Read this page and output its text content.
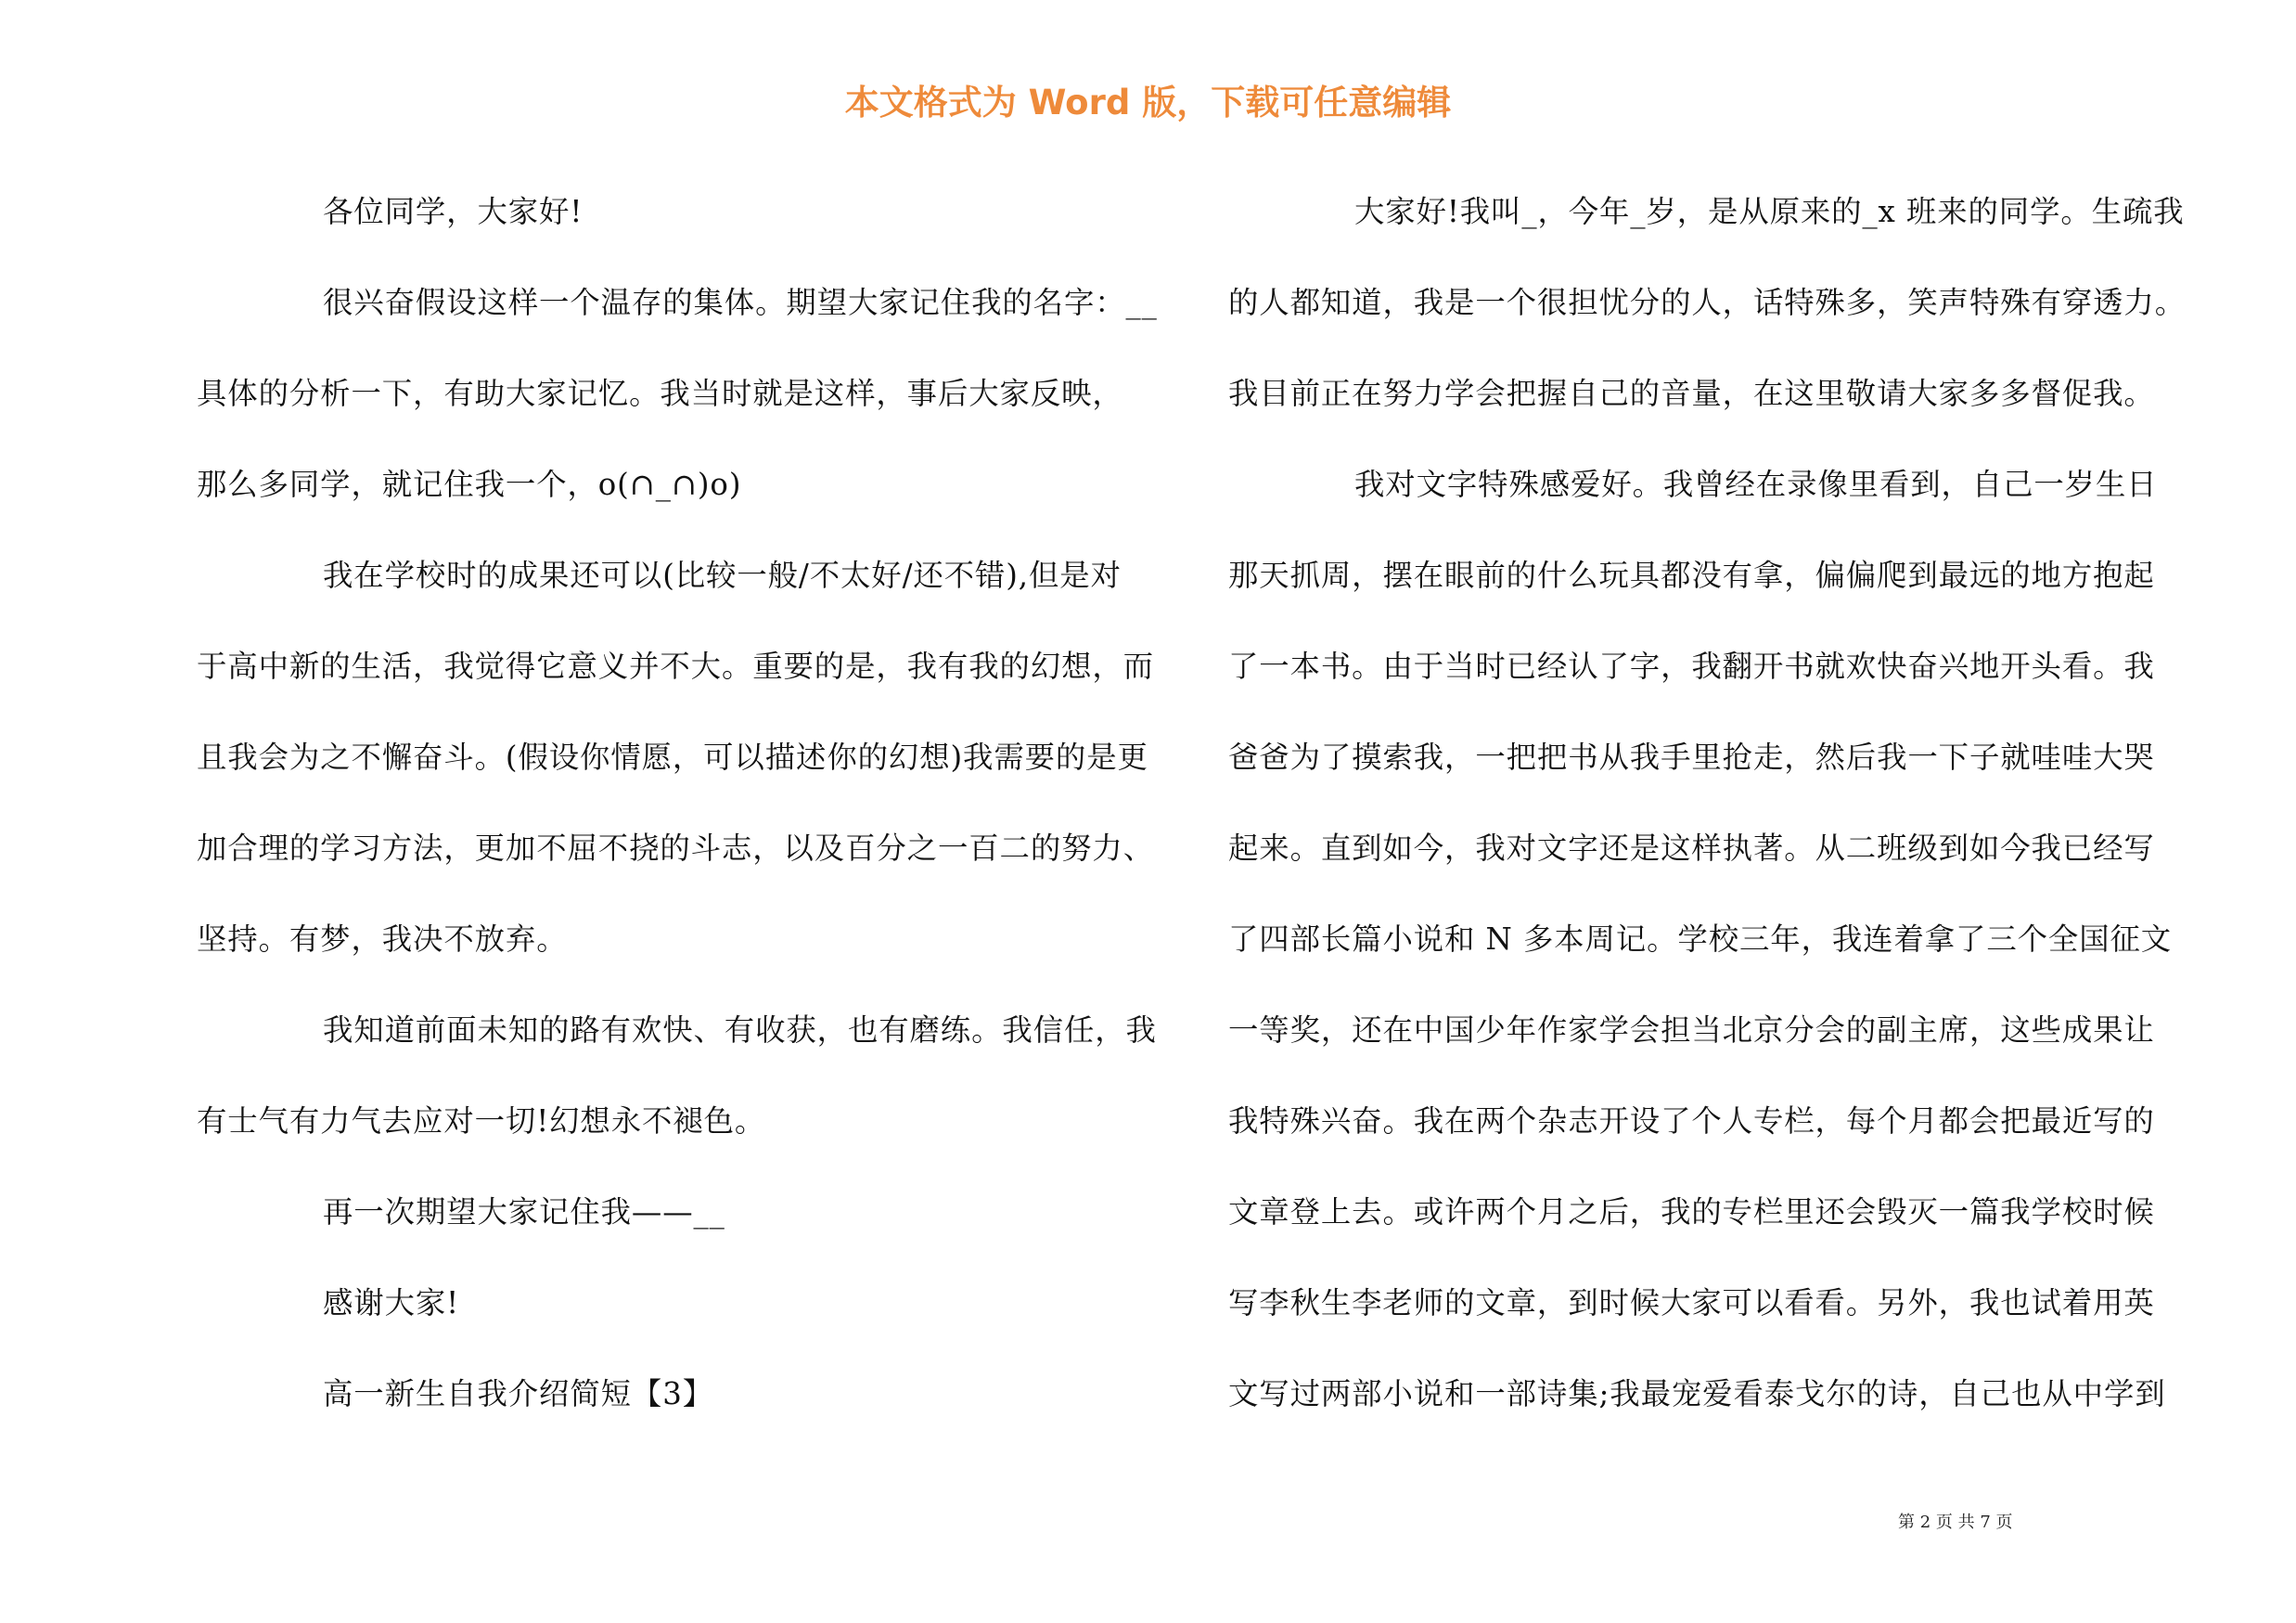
本文格式为 Word 版，下载可任意编辑
各位同学，大家好!
很兴奋假设这样一个温存的集体。期望大家记住我的名字：__
具体的分析一下，有助大家记忆。我当时就是这样，事后大家反映，
那么多同学，就记住我一个，o(∩_∩)o)
我在学校时的成果还可以(比较一般/不太好/还不错),但是对
于高中新的生活，我觉得它意义并不大。重要的是，我有我的幻想，而
且我会为之不懈奋斗。(假设你情愿，可以描述你的幻想)我需要的是更
加合理的学习方法，更加不屈不挠的斗志，以及百分之一百二的努力、
坚持。有梦，我决不放弃。
我知道前面未知的路有欢快、有收获，也有磨练。我信任，我
有士气有力气去应对一切!幻想永不褪色。
再一次期望大家记住我——__
感谢大家!
高一新生自我介绍简短【3】
大家好!我叫_，今年_岁，是从原来的_x 班来的同学。生疏我
的人都知道，我是一个很担忧分的人，话特殊多，笑声特殊有穿透力。
我目前正在努力学会把握自己的音量，在这里敬请大家多多督促我。
我对文字特殊感爱好。我曾经在录像里看到，自己一岁生日
那天抓周，摆在眼前的什么玩具都没有拿，偏偏爬到最远的地方抱起
了一本书。由于当时已经认了字，我翻开书就欢快奋兴地开头看。我
爸爸为了摸索我，一把把书从我手里抢走，然后我一下子就哇哇大哭
起来。直到如今，我对文字还是这样执著。从二班级到如今我已经写
了四部长篇小说和 N 多本周记。学校三年，我连着拿了三个全国征文
一等奖，还在中国少年作家学会担当北京分会的副主席，这些成果让
我特殊兴奋。我在两个杂志开设了个人专栏，每个月都会把最近写的
文章登上去。或许两个月之后，我的专栏里还会毁灭一篇我学校时候
写李秋生李老师的文章，到时候大家可以看看。另外，我也试着用英
文写过两部小说和一部诗集;我最宠爱看泰戈尔的诗，自己也从中学到
第 2 页 共 7 页
